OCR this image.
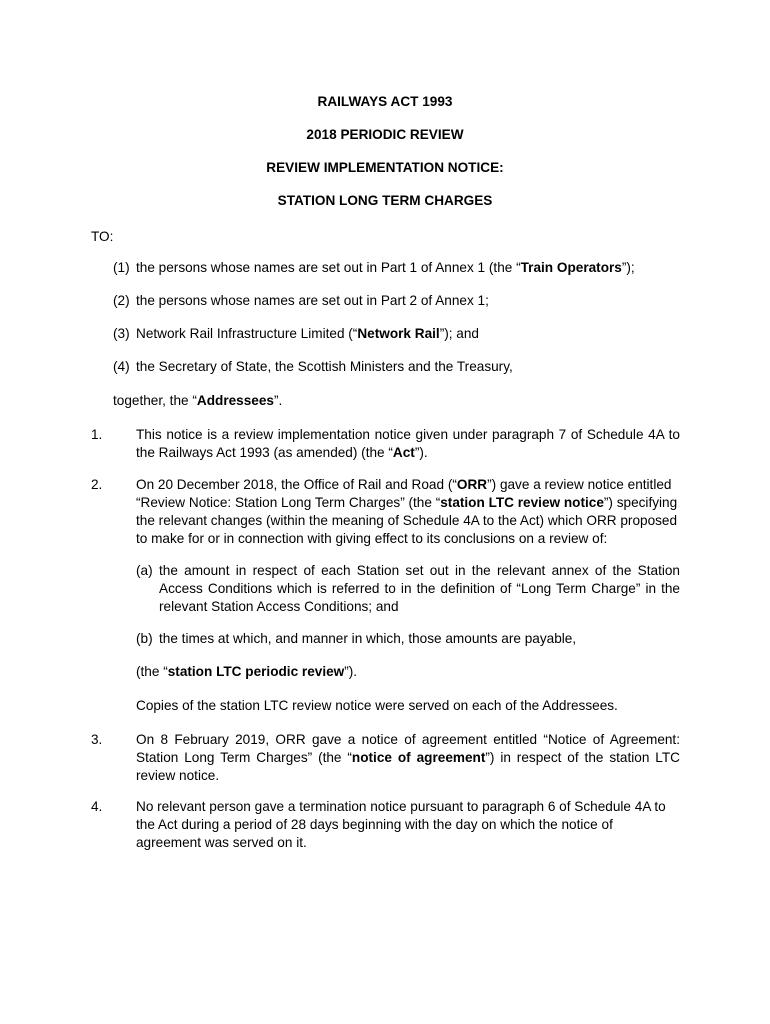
RAILWAYS ACT 1993
2018 PERIODIC REVIEW
REVIEW IMPLEMENTATION NOTICE:
STATION LONG TERM CHARGES
TO:
(1) the persons whose names are set out in Part 1 of Annex 1 (the “Train Operators”);
(2) the persons whose names are set out in Part 2 of Annex 1;
(3) Network Rail Infrastructure Limited (“Network Rail”); and
(4) the Secretary of State, the Scottish Ministers and the Treasury,
together, the “Addressees”.
1. This notice is a review implementation notice given under paragraph 7 of Schedule 4A to the Railways Act 1993 (as amended) (the “Act”).
2. On 20 December 2018, the Office of Rail and Road (“ORR”) gave a review notice entitled “Review Notice: Station Long Term Charges” (the “station LTC review notice”) specifying the relevant changes (within the meaning of Schedule 4A to the Act) which ORR proposed to make for or in connection with giving effect to its conclusions on a review of:
(a) the amount in respect of each Station set out in the relevant annex of the Station Access Conditions which is referred to in the definition of “Long Term Charge” in the relevant Station Access Conditions; and
(b) the times at which, and manner in which, those amounts are payable,
(the “station LTC periodic review”).
Copies of the station LTC review notice were served on each of the Addressees.
3. On 8 February 2019, ORR gave a notice of agreement entitled “Notice of Agreement: Station Long Term Charges” (the “notice of agreement”) in respect of the station LTC review notice.
4. No relevant person gave a termination notice pursuant to paragraph 6 of Schedule 4A to the Act during a period of 28 days beginning with the day on which the notice of agreement was served on it.
